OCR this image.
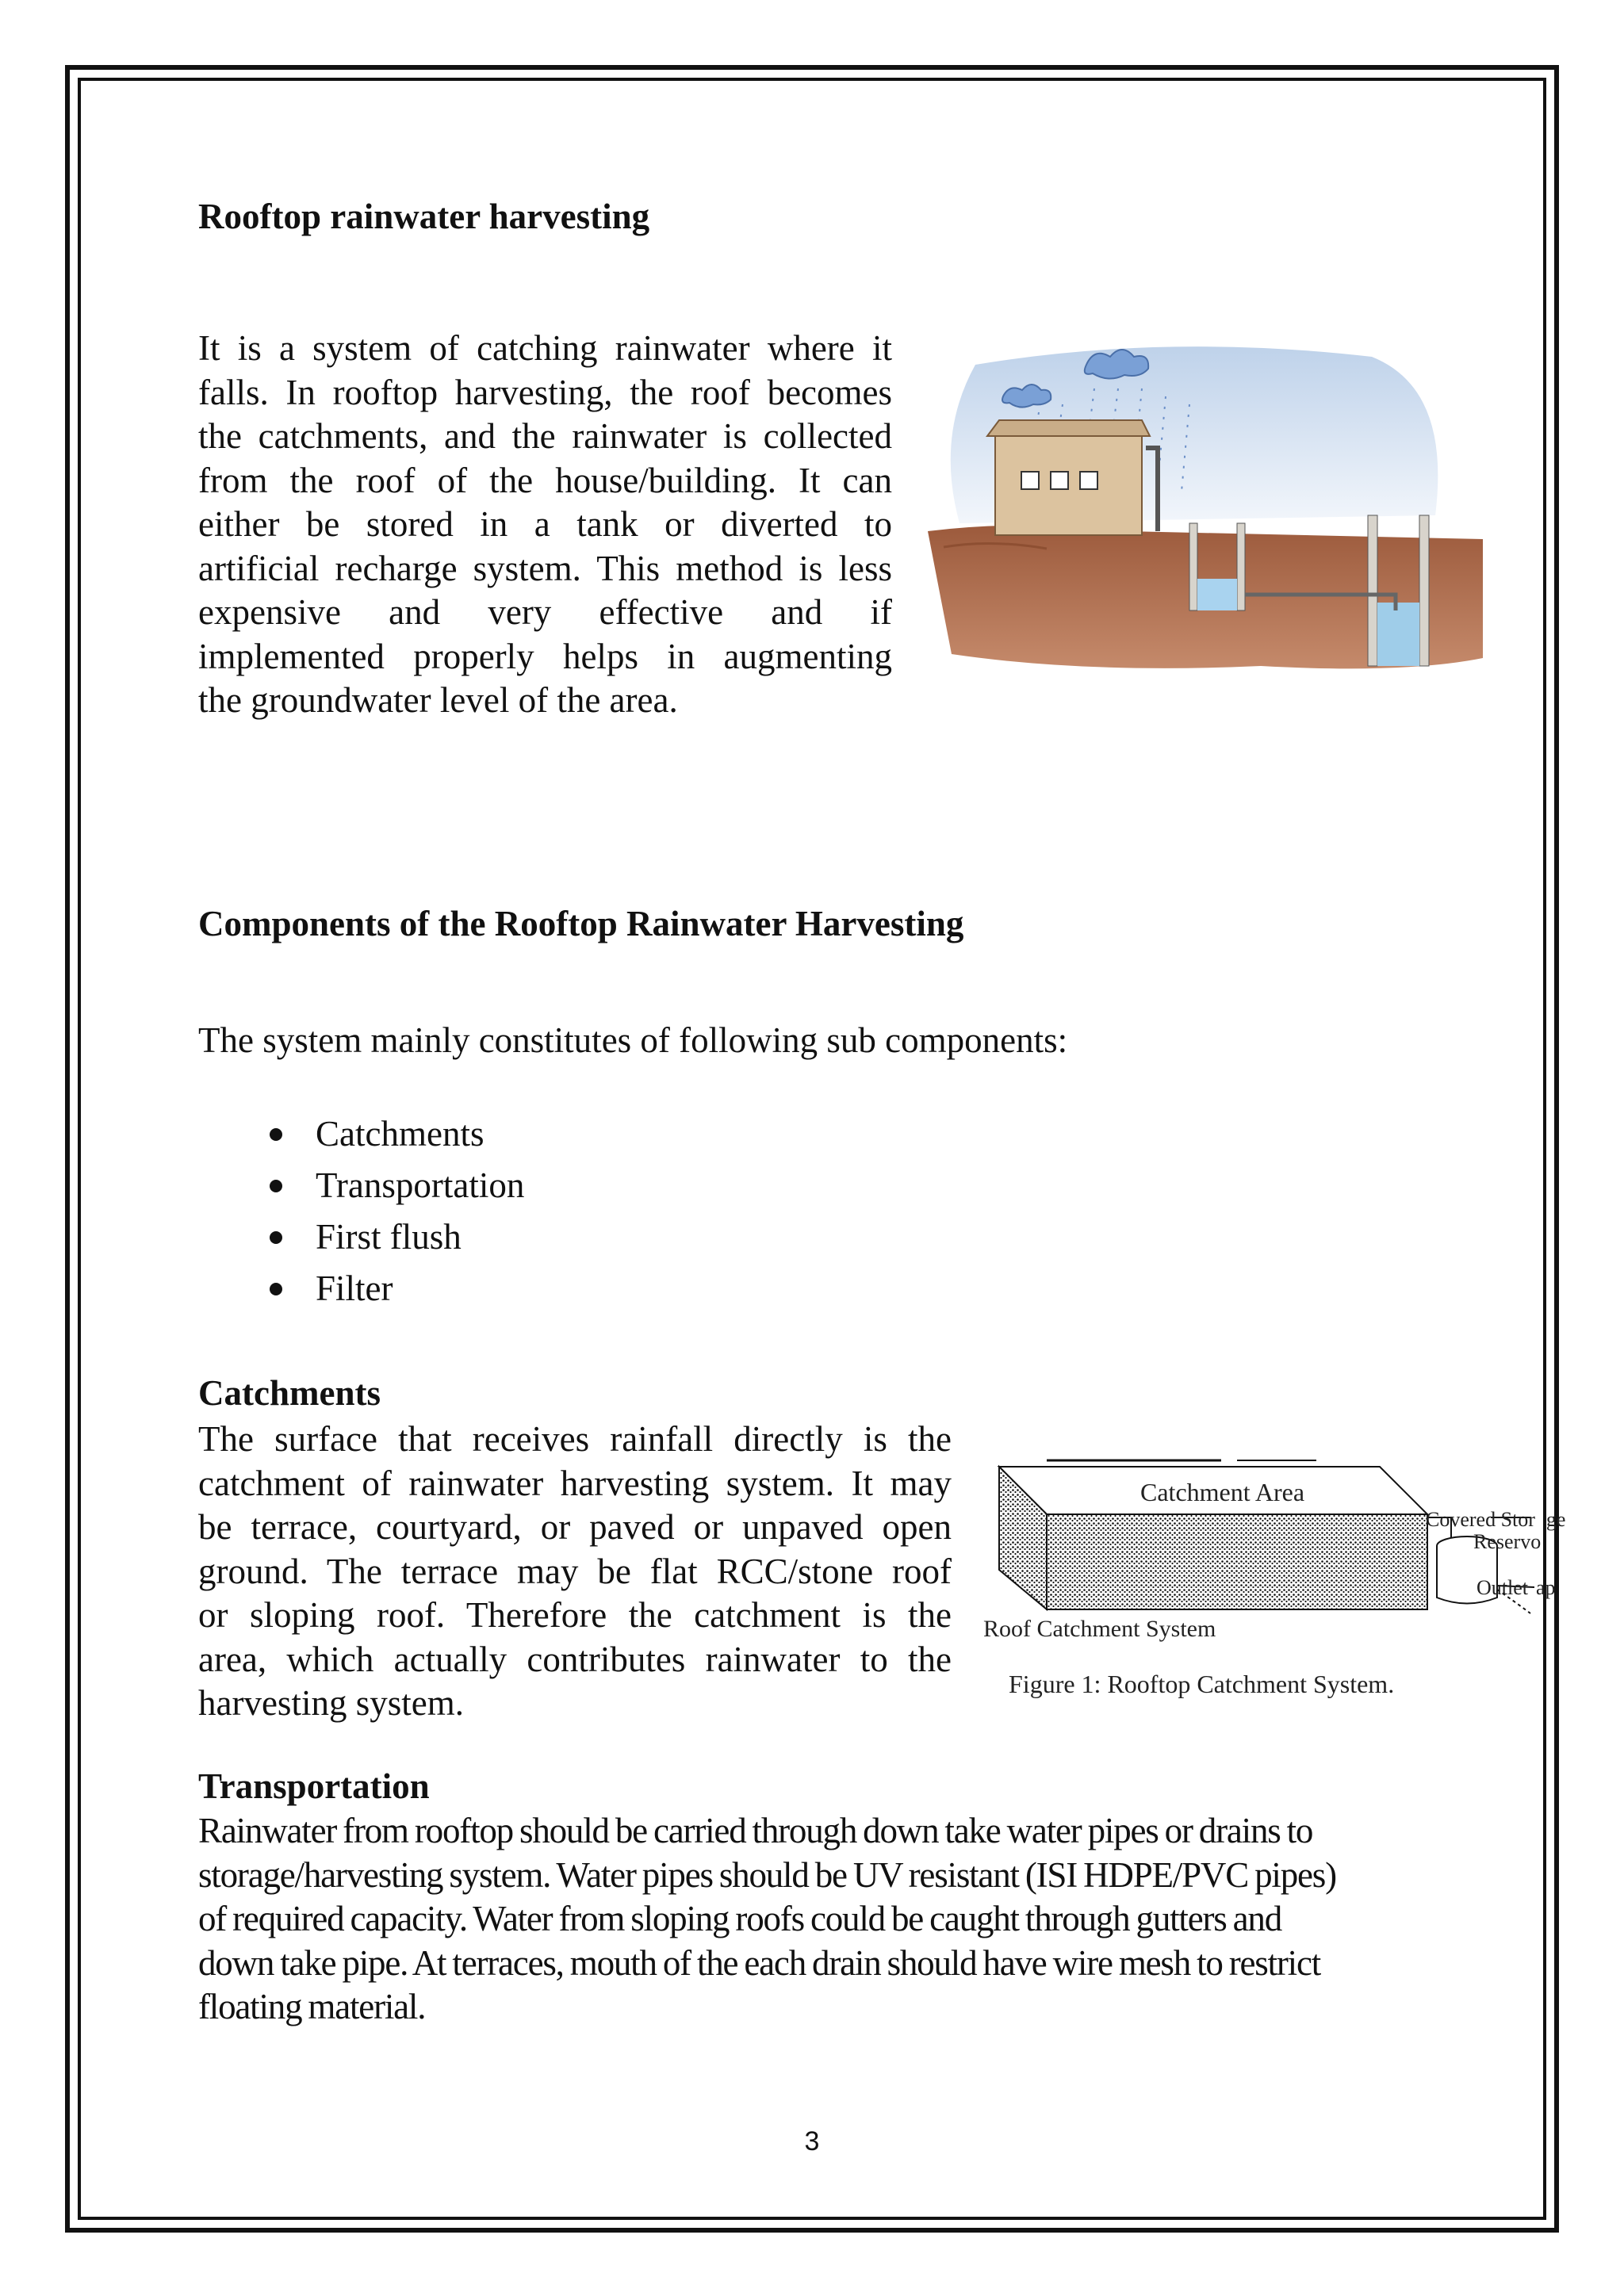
Rooftop rainwater harvesting
It is a system of catching rainwater where it
falls. In rooftop harvesting, the roof becomes
the catchments, and the rainwater is collected
from the roof of the house/building. It can
either be stored in a tank or diverted to
artificial recharge system. This method is less
expensive and very effective and if
implemented properly helps in augmenting
the groundwater level of the area.
Components of the Rooftop Rainwater Harvesting
The system mainly constitutes of following sub components:
Catchments
Transportation
First flush
Filter
Catchments
The surface that receives rainfall directly is the
catchment of rainwater harvesting system. It may
be terrace, courtyard, or paved or unpaved open
ground. The terrace may be flat RCC/stone roof
or sloping roof. Therefore the catchment is the
area, which actually contributes rainwater to the
harvesting system.
Catchment Area
Covered Stor ge
Reservo
Outlet ap
Roof Catchment System
Figure 1: Rooftop Catchment System.
Transportation
Rainwater from rooftop should be carried through down take water pipes or drains to
storage/harvesting system. Water pipes should be UV resistant (ISI HDPE/PVC pipes)
of required capacity. Water from sloping roofs could be caught through gutters and
down take pipe. At terraces, mouth of the each drain should have wire mesh to restrict
floating material.
3
